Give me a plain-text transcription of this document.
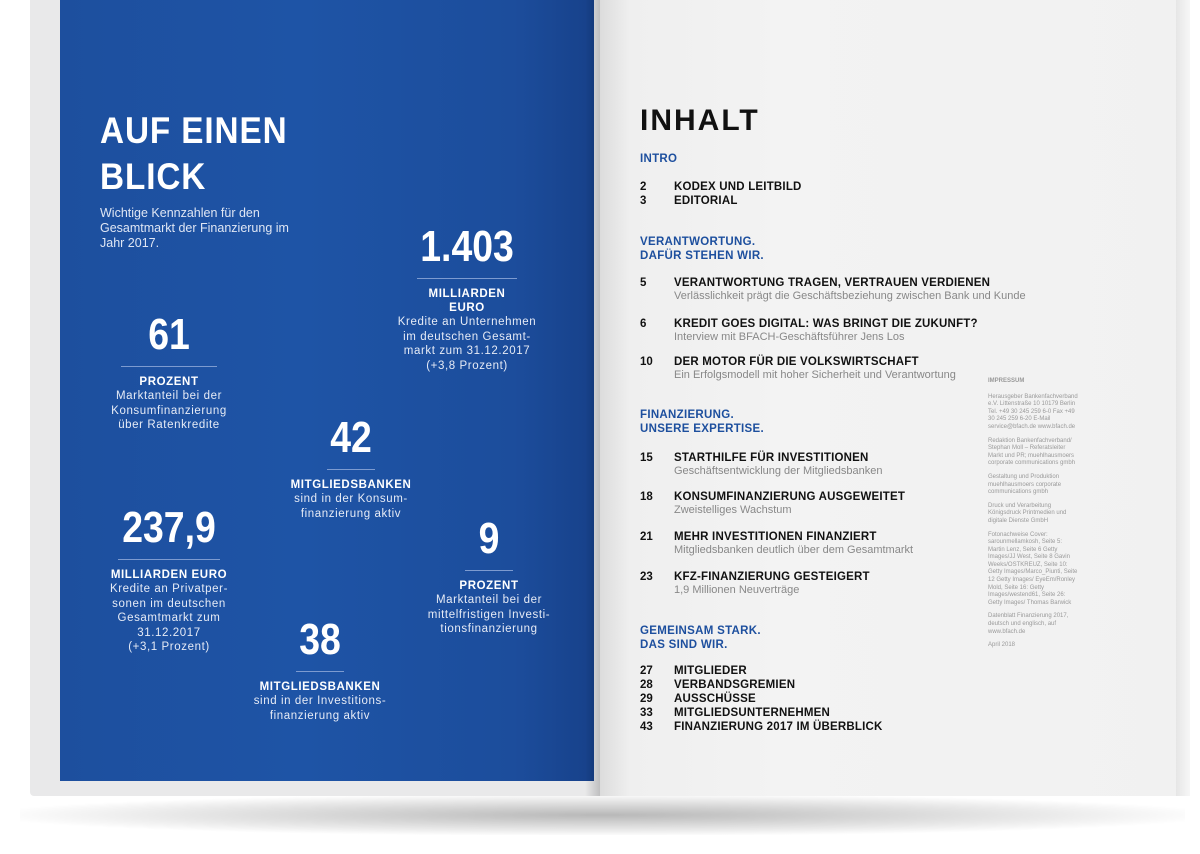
AUF EINEN
BLICK
Wichtige Kennzahlen für den Gesamtmarkt der Finanzierung im Jahr 2017.	1.403
MILLIARDEN EURO
Kredite an Unternehmen
im deutschen Gesamt-
markt zum 31.12.2017
(+3,8 Prozent)
61
PROZENT
Marktanteil bei der
Konsumfinanzierung
über Ratenkredite	42
MITGLIEDSBANKEN
sind in der Konsum-
finanzierung aktiv
237,9
MILLIARDEN EURO
Kredite an Privatper-
sonen im deutschen
Gesamtmarkt zum
31.12.2017
(+3,1 Prozent)
9
PROZENT
Marktanteil bei der
mittelfristigen Investi-
tionsfinanzierung
38
MITGLIEDSBANKEN
sind in der Investitions-
finanzierung aktiv
INHALT
INTRO
2 KODEX UND LEITBILD
3 EDITORIAL
VERANTWORTUNG.
DAFÜR STEHEN WIR.
5 VERANTWORTUNG TRAGEN, VERTRAUEN VERDIENEN
Verlässlichkeit prägt die Geschäftsbeziehung zwischen Bank und Kunde
6 KREDIT GOES DIGITAL: WAS BRINGT DIE ZUKUNFT?
Interview mit BFACH-Geschäftsführer Jens Los
10 DER MOTOR FÜR DIE VOLKSWIRTSCHAFT
Ein Erfolgsmodell mit hoher Sicherheit und Verantwortung
FINANZIERUNG.
UNSERE EXPERTISE.
15 STARTHILFE FÜR INVESTITIONEN
Geschäftsentwicklung der Mitgliedsbanken
18 KONSUMFINANZIERUNG AUSGEWEITET
Zweistelliges Wachstum
21 MEHR INVESTITIONEN FINANZIERT
Mitgliedsbanken deutlich über dem Gesamtmarkt
23 KFZ-FINANZIERUNG GESTEIGERT
1,9 Millionen Neuverträge
GEMEINSAM STARK.
DAS SIND WIR.
27 MITGLIEDER
28 VERBANDSGREMIEN
29 AUSSCHÜSSE
33 MITGLIEDSUNTERNEHMEN
43 FINANZIERUNG 2017 IM ÜBERBLICK

IMPRESSUM

Herausgeber Bankenfachverband e.V. Littenstraße 10 10179 Berlin Tel. +49 30 245 259 6-0 Fax +49 30 245 259 6-20 E-Mail service@bfach.de www.bfach.de

Redaktion Bankenfachverband/ Stephan Moll – Referatsleiter Markt und PR; muehlhausmoers corporate communications gmbh

Gestaltung und Produktion muehlhausmoers corporate communications gmbh

Druck und Verarbeitung Königsdruck Printmedien und digitale Dienste GmbH

Fotonachweise Cover: sarounmellamkosh, Seite 5: Martin Lenz, Seite 6 Getty Images/JJ West, Seite 8 Gavin Weeks/OSTKREUZ, Seite 10: Getty Images/Marco_Piunti, Seite 12 Getty Images/ EyeEm/Ronley Mold, Seite 16: Getty Images/westend61, Seite 26: Getty Images/ Thomas Barwick

Datenblatt Finanzierung 2017, deutsch und englisch, auf www.bfach.de

April 2018
